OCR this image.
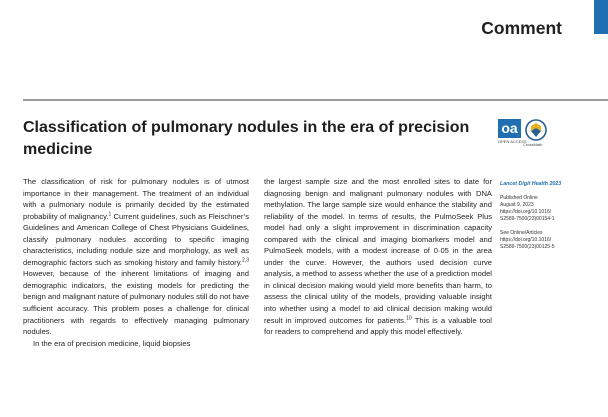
Comment
Classification of pulmonary nodules in the era of precision medicine
oa
OPEN ACCESS
CrossMark

The classification of risk for pulmonary nodules is of utmost importance in their management. The treatment of an individual with a pulmonary nodule is primarily decided by the estimated probability of malignancy.$^1$ Current guidelines, such as Fleischner’s Guidelines and American College of Chest Physicians Guidelines, classify pulmonary nodules according to specific imaging characteristics, including nodule size and morphology, as well as demographic factors such as smoking history and family history.$^{2,3}$ However, because of the inherent limitations of imaging and demographic indicators, the existing models for predicting the benign and malignant nature of pulmonary nodules still do not have sufficient accuracy. This problem poses a challenge for clinical practitioners with regards to effectively managing pulmonary nodules.

In the era of precision medicine, liquid biopsies

the largest sample size and the most enrolled sites to date for diagnosing benign and malignant pulmonary nodules with DNA methylation. The large sample size would enhance the stability and reliability of the model. In terms of results, the PulmoSeek Plus model had only a slight improvement in discrimination capacity compared with the clinical and imaging biomarkers model and PulmoSeek models, with a modest increase of 0·05 in the area under the curve. However, the authors used decision curve analysis, a method to assess whether the use of a prediction model in clinical decision making would yield more benefits than harm, to assess the clinical utility of the models, providing valuable insight into whether using a model to aid clinical decision making would result in improved outcomes for patients.$^{10}$ This is a valuable tool for readers to comprehend and apply this model effectively.

Lancet Digit Health 2023
Published Online
August 9, 2023
https://doi.org/10.1016/
S2589-7500(23)00154-1
See Online/Articles
https://doi.org/10.1016/
S2589-7500(23)00125-5
